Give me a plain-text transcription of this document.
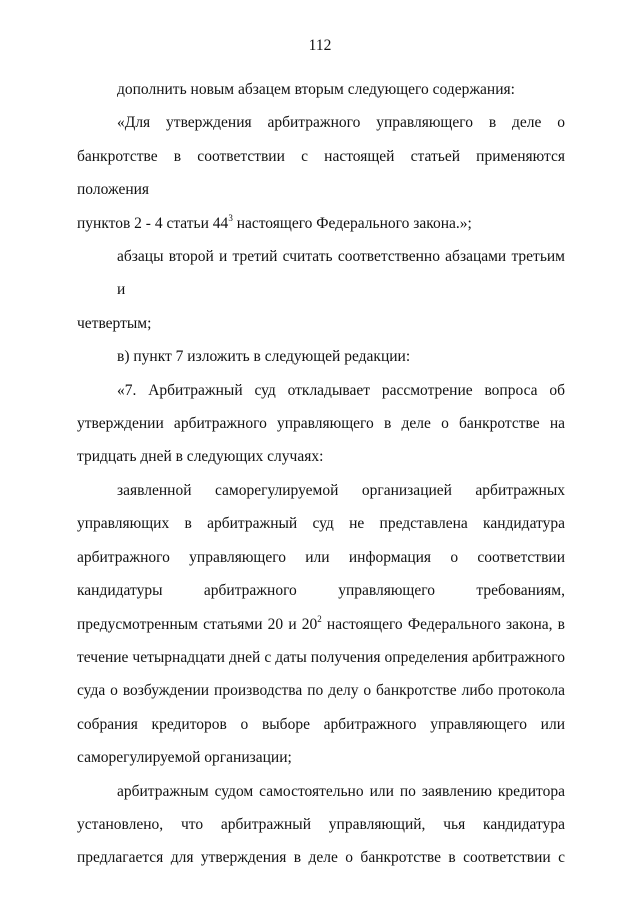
112
дополнить новым абзацем вторым следующего содержания:
«Для утверждения арбитражного управляющего в деле о
банкротстве в соответствии с настоящей статьей применяются положения
пунктов 2 - 4 статьи $44^3$ настоящего Федерального закона.»;
абзацы второй и третий считать соответственно абзацами третьим и
четвертым;
в) пункт 7 изложить в следующей редакции:
«7. Арбитражный суд откладывает рассмотрение вопроса об
утверждении арбитражного управляющего в деле о банкротстве на
тридцать дней в следующих случаях:
заявленной саморегулируемой организацией арбитражных
управляющих в арбитражный суд не представлена кандидатура
арбитражного управляющего или информация о соответствии
кандидатуры арбитражного управляющего требованиям,
предусмотренным статьями 20 и $20^2$ настоящего Федерального закона, в
течение четырнадцати дней с даты получения определения арбитражного
суда о возбуждении производства по делу о банкротстве либо протокола
собрания кредиторов о выборе арбитражного управляющего или
саморегулируемой организации;
арбитражным судом самостоятельно или по заявлению кредитора
установлено, что арбитражный управляющий, чья кандидатура
предлагается для утверждения в деле о банкротстве в соответствии с
